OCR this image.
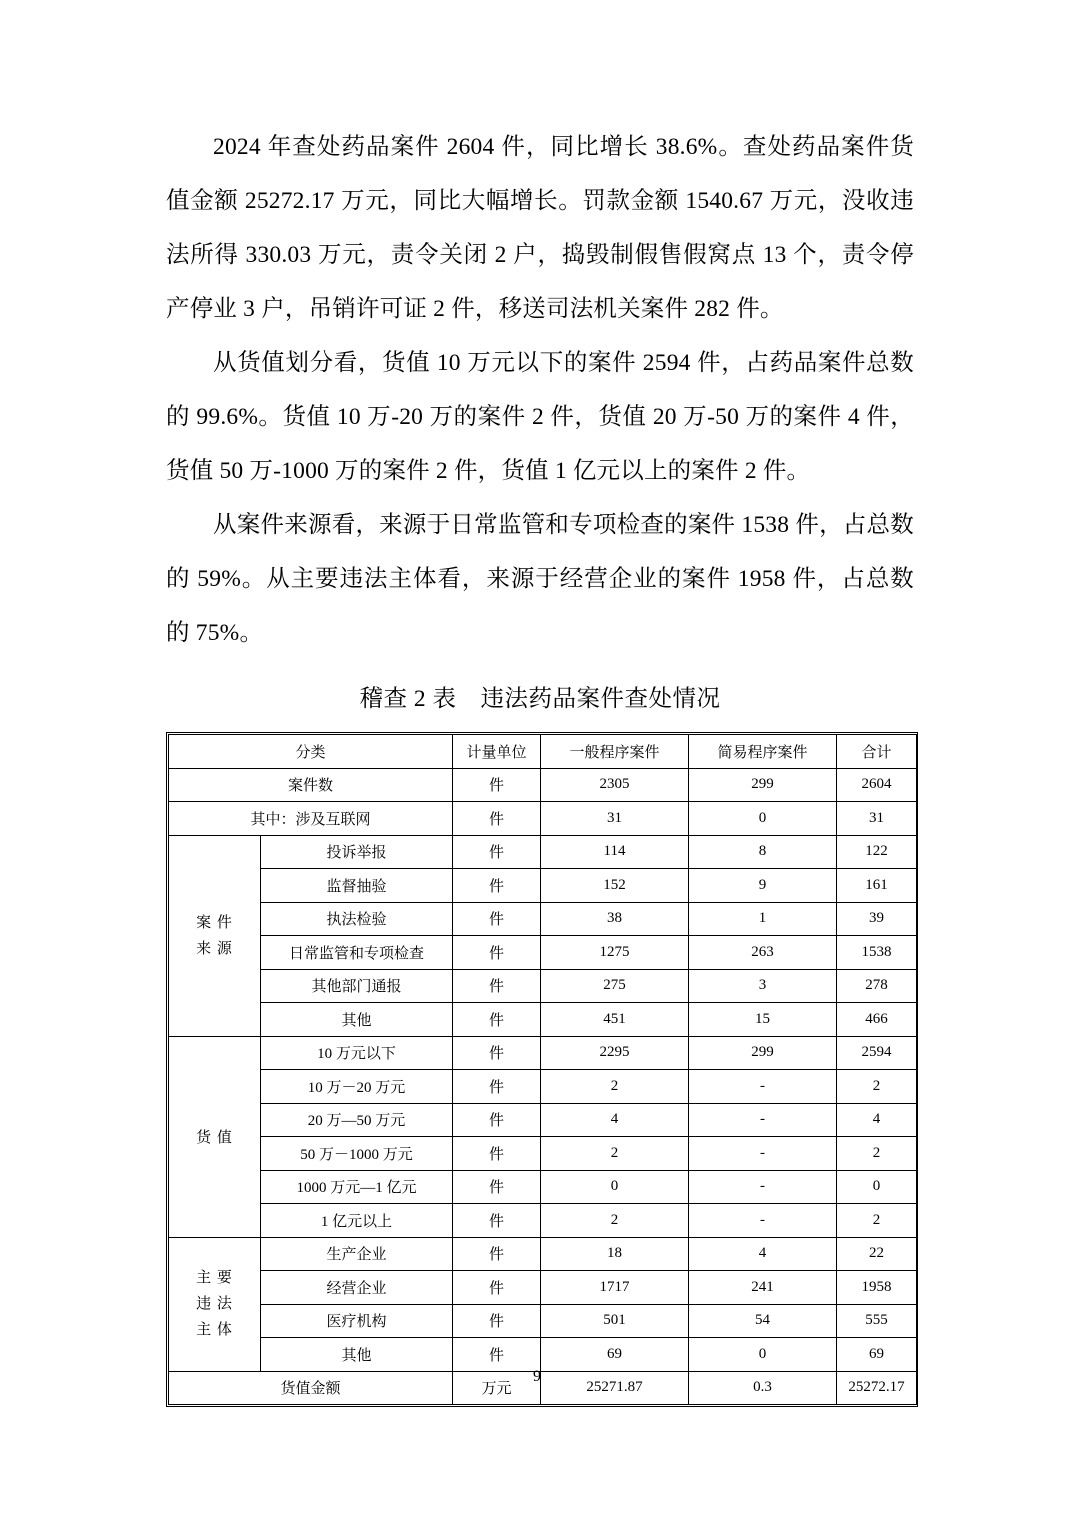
2024 年查处药品案件 2604 件，同比增长 38.6%。查处药品案件货值金额 25272.17 万元，同比大幅增长。罚款金额 1540.67 万元，没收违法所得 330.03 万元，责令关闭 2 户，捣毁制假售假窝点 13 个，责令停产停业 3 户，吊销许可证 2 件，移送司法机关案件 282 件。

从货值划分看，货值 10 万元以下的案件 2594 件，占药品案件总数的 99.6%。货值 10 万-20 万的案件 2 件，货值 20 万-50 万的案件 4 件，货值 50 万-1000 万的案件 2 件，货值 1 亿元以上的案件 2 件。

从案件来源看，来源于日常监管和专项检查的案件 1538 件，占总数的 59%。从主要违法主体看，来源于经营企业的案件 1958 件，占总数的 75%。

稽查 2 表　违法药品案件查处情况
分类		计量单位	一般程序案件	简易程序案件	合计
案件数		件	2305	299	2604
其中：涉及互联网		件	31	0	31

案 件
来 源	投诉举报	件	114	8	122
	监督抽验	件	152	9	161
	执法检验	件	38	1	39
	日常监管和专项检查	件	1275	263	1538
	其他部门通报	件	275	3	278
	其他	件	451	15	466
货 值	10 万元以下	件	2295	299	2594
	10 万－20 万元	件	2	-	2
	20 万—50 万元	件	4	-	4
	50 万－1000 万元	件	2	-	2
	1000 万元—1 亿元	件	0	-	0
	1 亿元以上	件	2	-	2

主 要
违 法
主 体	生产企业	件	18	4	22
	经营企业	件	1717	241	1958
	医疗机构	件	501	54	555
	其他	件	69	0	69
货值金额		万元	25271.87	0.3	25272.17
9
